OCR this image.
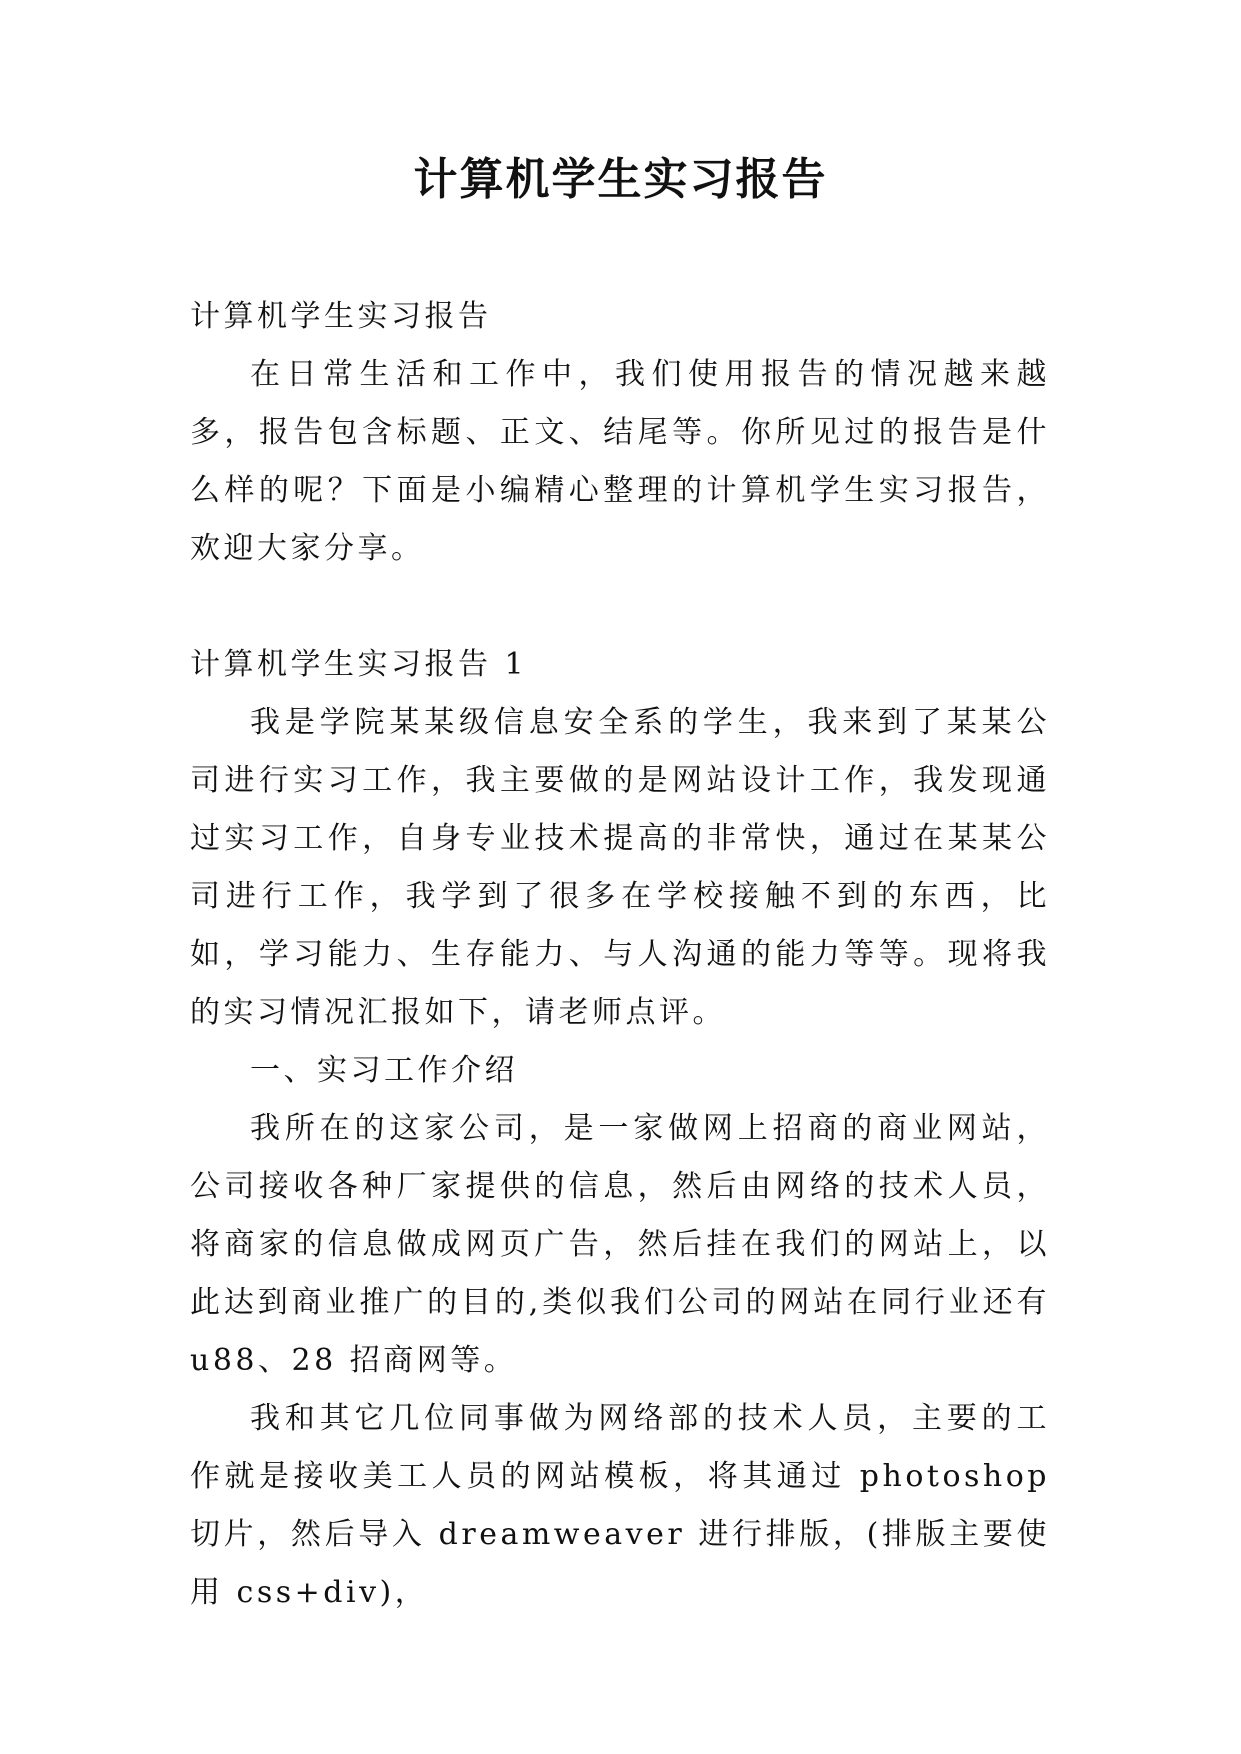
计算机学生实习报告

计算机学生实习报告

在日常生活和工作中，我们使用报告的情况越来越多，报告包含标题、正文、结尾等。你所见过的报告是什么样的呢？下面是小编精心整理的计算机学生实习报告，欢迎大家分享。

计算机学生实习报告 1

我是学院某某级信息安全系的学生，我来到了某某公司进行实习工作，我主要做的是网站设计工作，我发现通过实习工作，自身专业技术提高的非常快，通过在某某公司进行工作，我学到了很多在学校接触不到的东西，比如，学习能力、生存能力、与人沟通的能力等等。现将我的实习情况汇报如下，请老师点评。

一、实习工作介绍

我所在的这家公司，是一家做网上招商的商业网站，公司接收各种厂家提供的信息，然后由网络的技术人员，将商家的信息做成网页广告，然后挂在我们的网站上，以此达到商业推广的目的,类似我们公司的网站在同行业还有 u88、28 招商网等。

我和其它几位同事做为网络部的技术人员，主要的工作就是接收美工人员的网站模板，将其通过 photoshop 切片，然后导入 dreamweaver 进行排版，(排版主要使用 css+div)，
